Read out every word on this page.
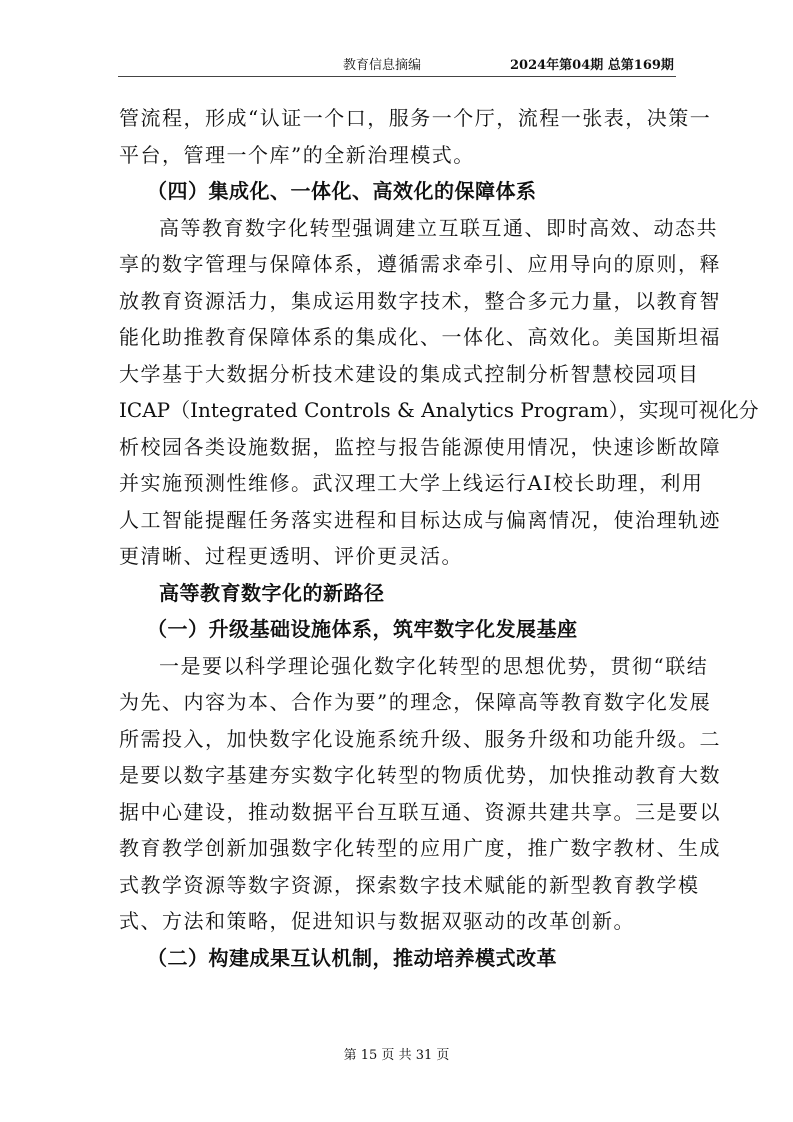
教育信息摘编	2024年第04期 总第169期
管流程，形成“认证一个口，服务一个厅，流程一张表，决策一
平台，管理一个库”的全新治理模式。
（四）集成化、一体化、高效化的保障体系
高等教育数字化转型强调建立互联互通、即时高效、动态共
享的数字管理与保障体系，遵循需求牵引、应用导向的原则，释
放教育资源活力，集成运用数字技术，整合多元力量，以教育智
能化助推教育保障体系的集成化、一体化、高效化。美国斯坦福
大学基于大数据分析技术建设的集成式控制分析智慧校园项目
ICAP（Integrated Controls & Analytics Program），实现可视化分
析校园各类设施数据，监控与报告能源使用情况，快速诊断故障
并实施预测性维修。武汉理工大学上线运行AI校长助理，利用
人工智能提醒任务落实进程和目标达成与偏离情况，使治理轨迹
更清晰、过程更透明、评价更灵活。
高等教育数字化的新路径
（一）升级基础设施体系，筑牢数字化发展基座
一是要以科学理论强化数字化转型的思想优势，贯彻“联结
为先、内容为本、合作为要”的理念，保障高等教育数字化发展
所需投入，加快数字化设施系统升级、服务升级和功能升级。二
是要以数字基建夯实数字化转型的物质优势，加快推动教育大数
据中心建设，推动数据平台互联互通、资源共建共享。三是要以
教育教学创新加强数字化转型的应用广度，推广数字教材、生成
式教学资源等数字资源，探索数字技术赋能的新型教育教学模
式、方法和策略，促进知识与数据双驱动的改革创新。
（二）构建成果互认机制，推动培养模式改革
第 15 页 共 31 页
